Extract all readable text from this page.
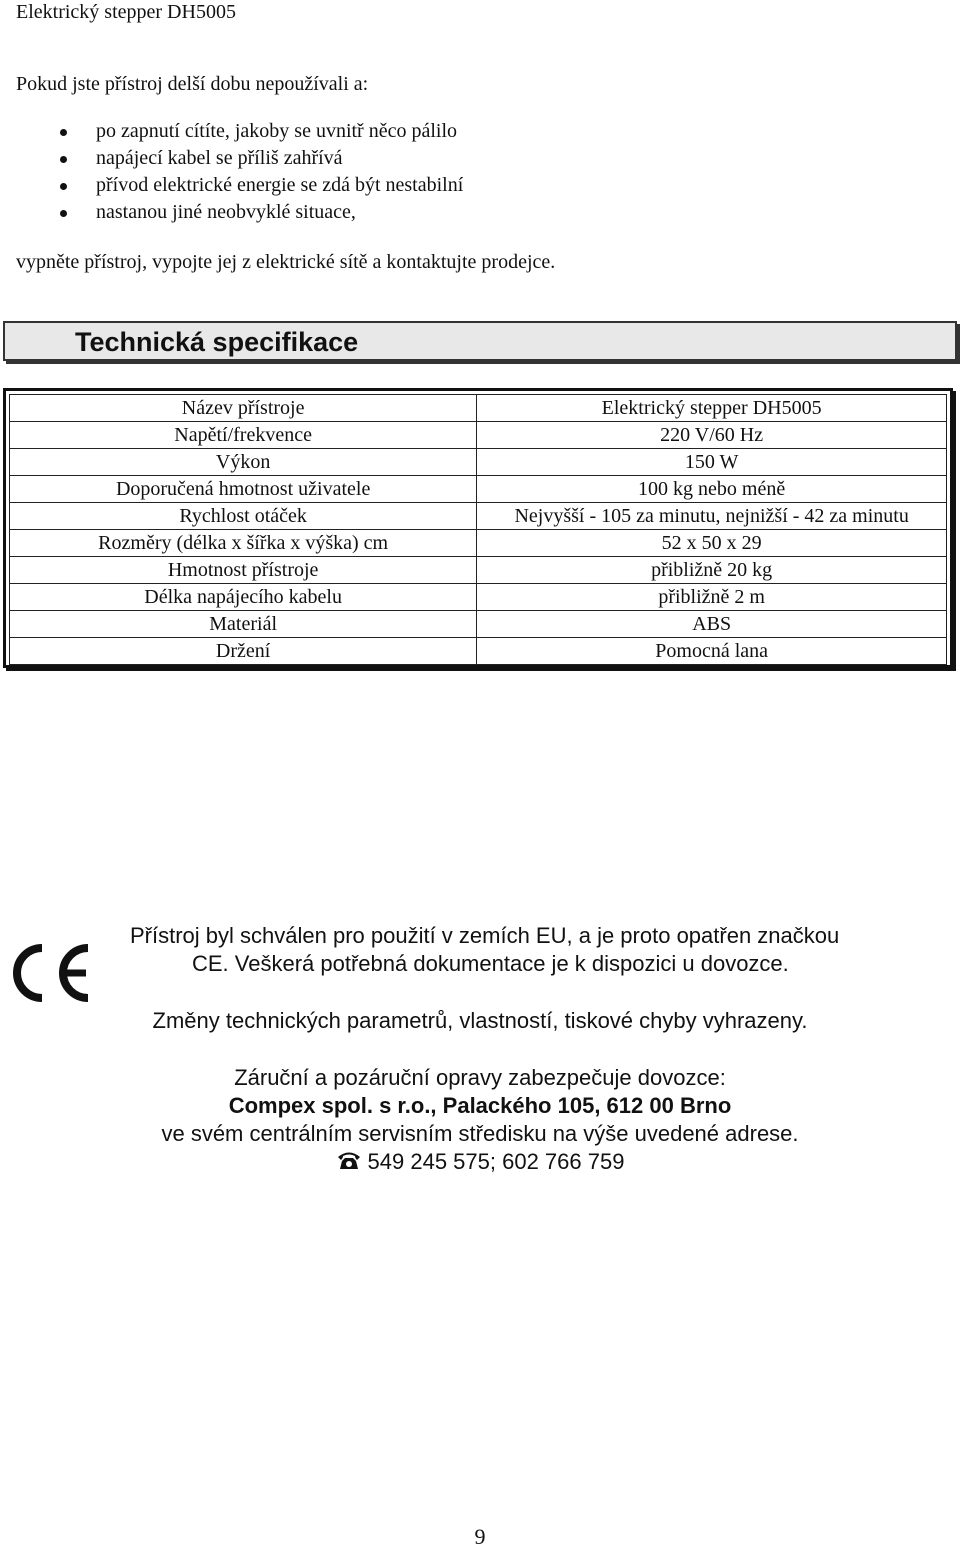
Elektrický stepper DH5005
Pokud jste přístroj delší dobu nepoužívali a:
po zapnutí cítíte, jakoby se uvnitř něco pálilo
napájecí kabel se příliš zahřívá
přívod elektrické energie se zdá být nestabilní
nastanou jiné neobvyklé situace,
vypněte přístroj, vypojte jej z elektrické sítě a kontaktujte prodejce.
Technická specifikace
Název přístroje	Elektrický stepper DH5005
Napětí/frekvence	220 V/60 Hz
Výkon	150 W
Doporučená hmotnost uživatele	100 kg nebo méně
Rychlost otáček	Nejvyšší - 105 za minutu, nejnižší - 42 za minutu
Rozměry (délka x šířka x výška) cm	52 x 50 x 29
Hmotnost přístroje	přibližně 20 kg
Délka napájecího kabelu	přibližně 2 m
Materiál	ABS
Držení	Pomocná lana
Přístroj byl schválen pro použití v zemích EU, a je proto opatřen značkou
CE. Veškerá potřebná dokumentace je k dispozici u dovozce.
Změny technických parametrů, vlastností, tiskové chyby vyhrazeny.
Záruční a pozáruční opravy zabezpečuje dovozce:
Compex spol. s r.o., Palackého 105, 612 00 Brno
ve svém centrálním servisním středisku na výše uvedené adrese.
549 245 575; 602 766 759
9
